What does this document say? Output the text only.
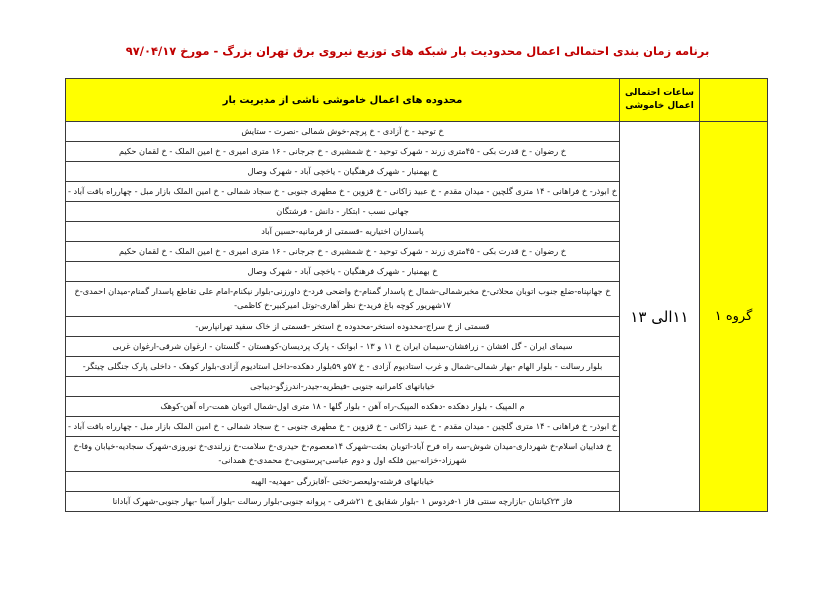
برنامه زمان بندی احتمالی اعمال محدودیت بار شبکه های توزیع نیروی برق تهران بزرگ - مورخ ۹۷/۰۴/۱۷
	ساعات احتمالی اعمال خاموشی	محدوده های اعمال خاموشی ناشی از مدیریت بار
گروه ۱	۱۱الی ۱۳	خ توحید - خ آزادی - خ پرچم-خوش شمالی -نصرت - ستایش
		خ رضوان - خ قدرت بکی - ۴۵متری زرند - شهرک توحید - خ شمشیری - خ جرجانی - ۱۶ متری امیری - خ امین الملک - خ لقمان حکیم
		خ بهمنیار - شهرک فرهنگیان - یاخچی آباد - شهرک وصال
		خ ابوذر- خ فراهانی - ۱۴ متری گلچین - میدان مقدم - خ عبید زاکانی - خ قزوین - خ مطهری جنوبی - خ سجاد شمالی - خ امین الملک بازار مبل - چهارراه بافت آباد -
		جهانی نسب - ابتکار - دانش - فرشتگان
		پاسداران اختیاریه -قسمتی از فرمانیه-حسین آباد
		خ رضوان - خ قدرت بکی - ۴۵متری زرند - شهرک توحید - خ شمشیری - خ جرجانی - ۱۶ متری امیری - خ امین الملک - خ لقمان حکیم
		خ بهمنیار - شهرک فرهنگیان - یاخچی آباد - شهرک وصال
		خ جهانپناه-ضلع جنوب اتوبان محلاتی-خ مخبرشمالی-شمال خ پاسدار گمنام-خ واضحی فرد-خ داورزنی-بلوار نیکنام-امام علی تقاطع پاسدار گمنام-میدان احمدی-خ ۱۷شهریور کوچه باغ فرید-خ نظر آهاری-توتل امیرکبیر-خ کاظمی-
		قسمتی از خ سراج-محدوده استخر-محدوده خ استخر -قسمتی از خاک سفید تهرانپارس-
		سیمای ایران - گل افشان - زرافشان-سیمان ایران خ ۱۱ و ۱۳ - ابواتک - پارک پردیسان-کوهستان - گلستان - ارغوان شرقی-ارغوان غربی
		بلوار رسالت - بلوار الهام -بهار شمالی-شمال و غرب استادیوم آزادی - خ ۵۷و ۵۹بلوار دهکده-داخل استادیوم آزادی-بلوار کوهک - داخلی پارک جنگلی چیتگر-
		خیابانهای کامرانیه جنوبی -فیطریه-جیدر-اندرزگو-دیباجی
		م المپیک - بلوار دهکده -دهکده المپیک-راه آهن - بلوار گلها - ۱۸ متری اول-شمال اتوبان همت-راه آهن-کوهک
		خ ابوذر- خ فراهانی - ۱۴ متری گلچین - میدان مقدم - خ عبید زاکانی - خ قزوین - خ مطهری جنوبی - خ سجاد شمالی - خ امین الملک بازار مبل - چهارراه بافت آباد -
		خ فداییان اسلام-خ شهرداری-میدان شوش-سه راه فرح آباد-اتوبان بعثت-شهرک ۱۴معصوم-خ حیدری-خ سلامت-خ زرلندی-خ نوروزی-شهرک سجادیه-خیابان وفا-خ شهرزاد-خزانه-بین فلکه اول و دوم عباسی-پرستویی-خ محمدی-خ همدانی-
		خیابانهای فرشته-ولیعصر-تختی -آقابزرگی -مهدیه- الهیه
		فاز ۲۳کیانتان -بازارچه سنتی فاز ۱-فردوس ۱ -بلوار شقایق خ ۲۱شرقی - پروانه جنوبی-بلوار رسالت -بلوار آسیا -بهار جنوبی-شهرک آبادانا
